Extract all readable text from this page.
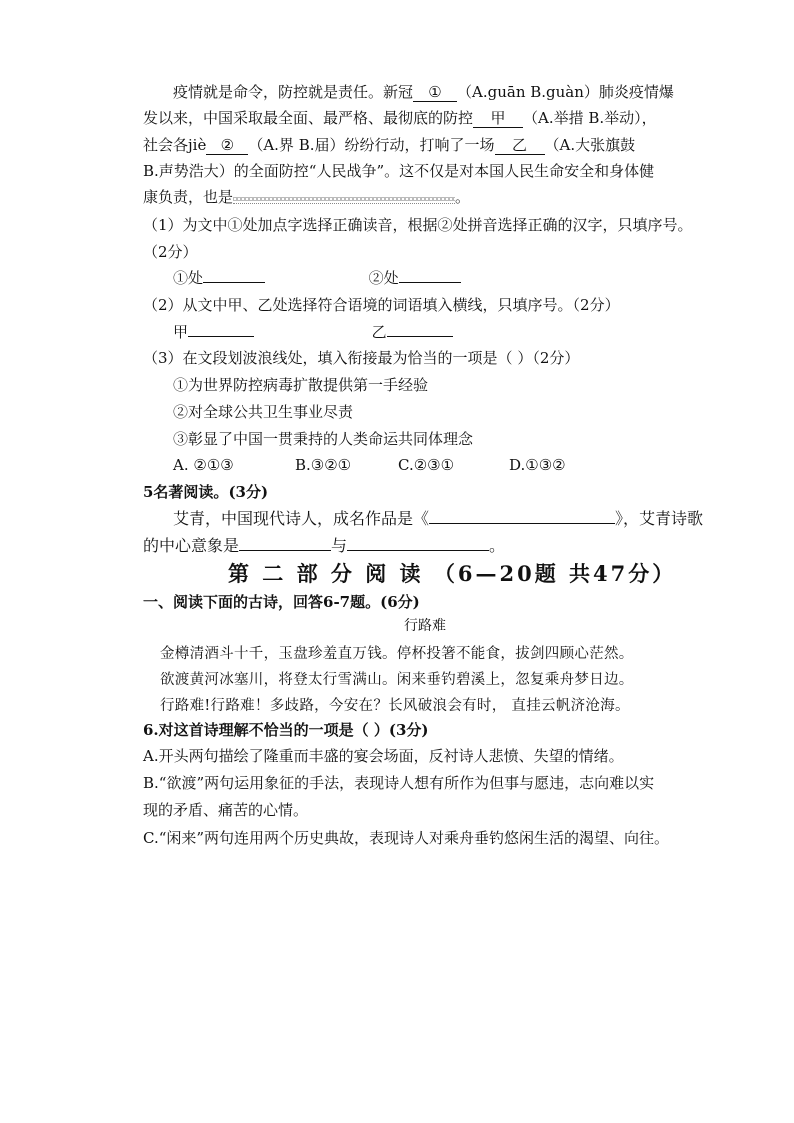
疫情就是命令，防控就是责任。新冠 ① （A.guān B.guàn）肺炎疫情爆
发以来，中国采取最全面、最严格、最彻底的防控 甲 （A.举措 B.举动），
社会各jiè ② （A.界 B.届）纷纷行动，打响了一场 乙 （A.大张旗鼓
B.声势浩大）的全面防控“人民战争”。这不仅是对本国人民生命安全和身体健
康负责，也是	。
（1）为文中①处加点字选择正确读音，根据②处拼音选择正确的汉字，只填序号。
（2分）
①处	②处
（2）从文中甲、乙处选择符合语境的词语填入横线，只填序号。（2分）
甲	乙
（3）在文段划波浪线处，填入衔接最为恰当的一项是（ ）（2分）
①为世界防控病毒扩散提供第一手经验
②对全球公共卫生事业尽责
③彰显了中国一贯秉持的人类命运共同体理念
A. ②①③	B.③②①	C.②③①	D.①③②
5名著阅读。(3分)
艾青，中国现代诗人，成名作品是《	》，艾青诗歌
的中心意象是	与	。
第 二 部 分 阅 读 （6—20题 共47分）
一、阅读下面的古诗，回答6-7题。(6分)
行路难
金樽清酒斗十千，玉盘珍羞直万钱。停杯投箸不能食，拔剑四顾心茫然。
欲渡黄河冰塞川，将登太行雪满山。闲来垂钓碧溪上，忽复乘舟梦日边。
行路难!行路难！多歧路，今安在？长风破浪会有时， 直挂云帆济沧海。
6.对这首诗理解不恰当的一项是（ ）(3分)
A.开头两句描绘了隆重而丰盛的宴会场面，反衬诗人悲愤、失望的情绪。
B.“欲渡”两句运用象征的手法，表现诗人想有所作为但事与愿违，志向难以实
现的矛盾、痛苦的心情。
C.“闲来”两句连用两个历史典故，表现诗人对乘舟垂钓悠闲生活的渴望、向往。
